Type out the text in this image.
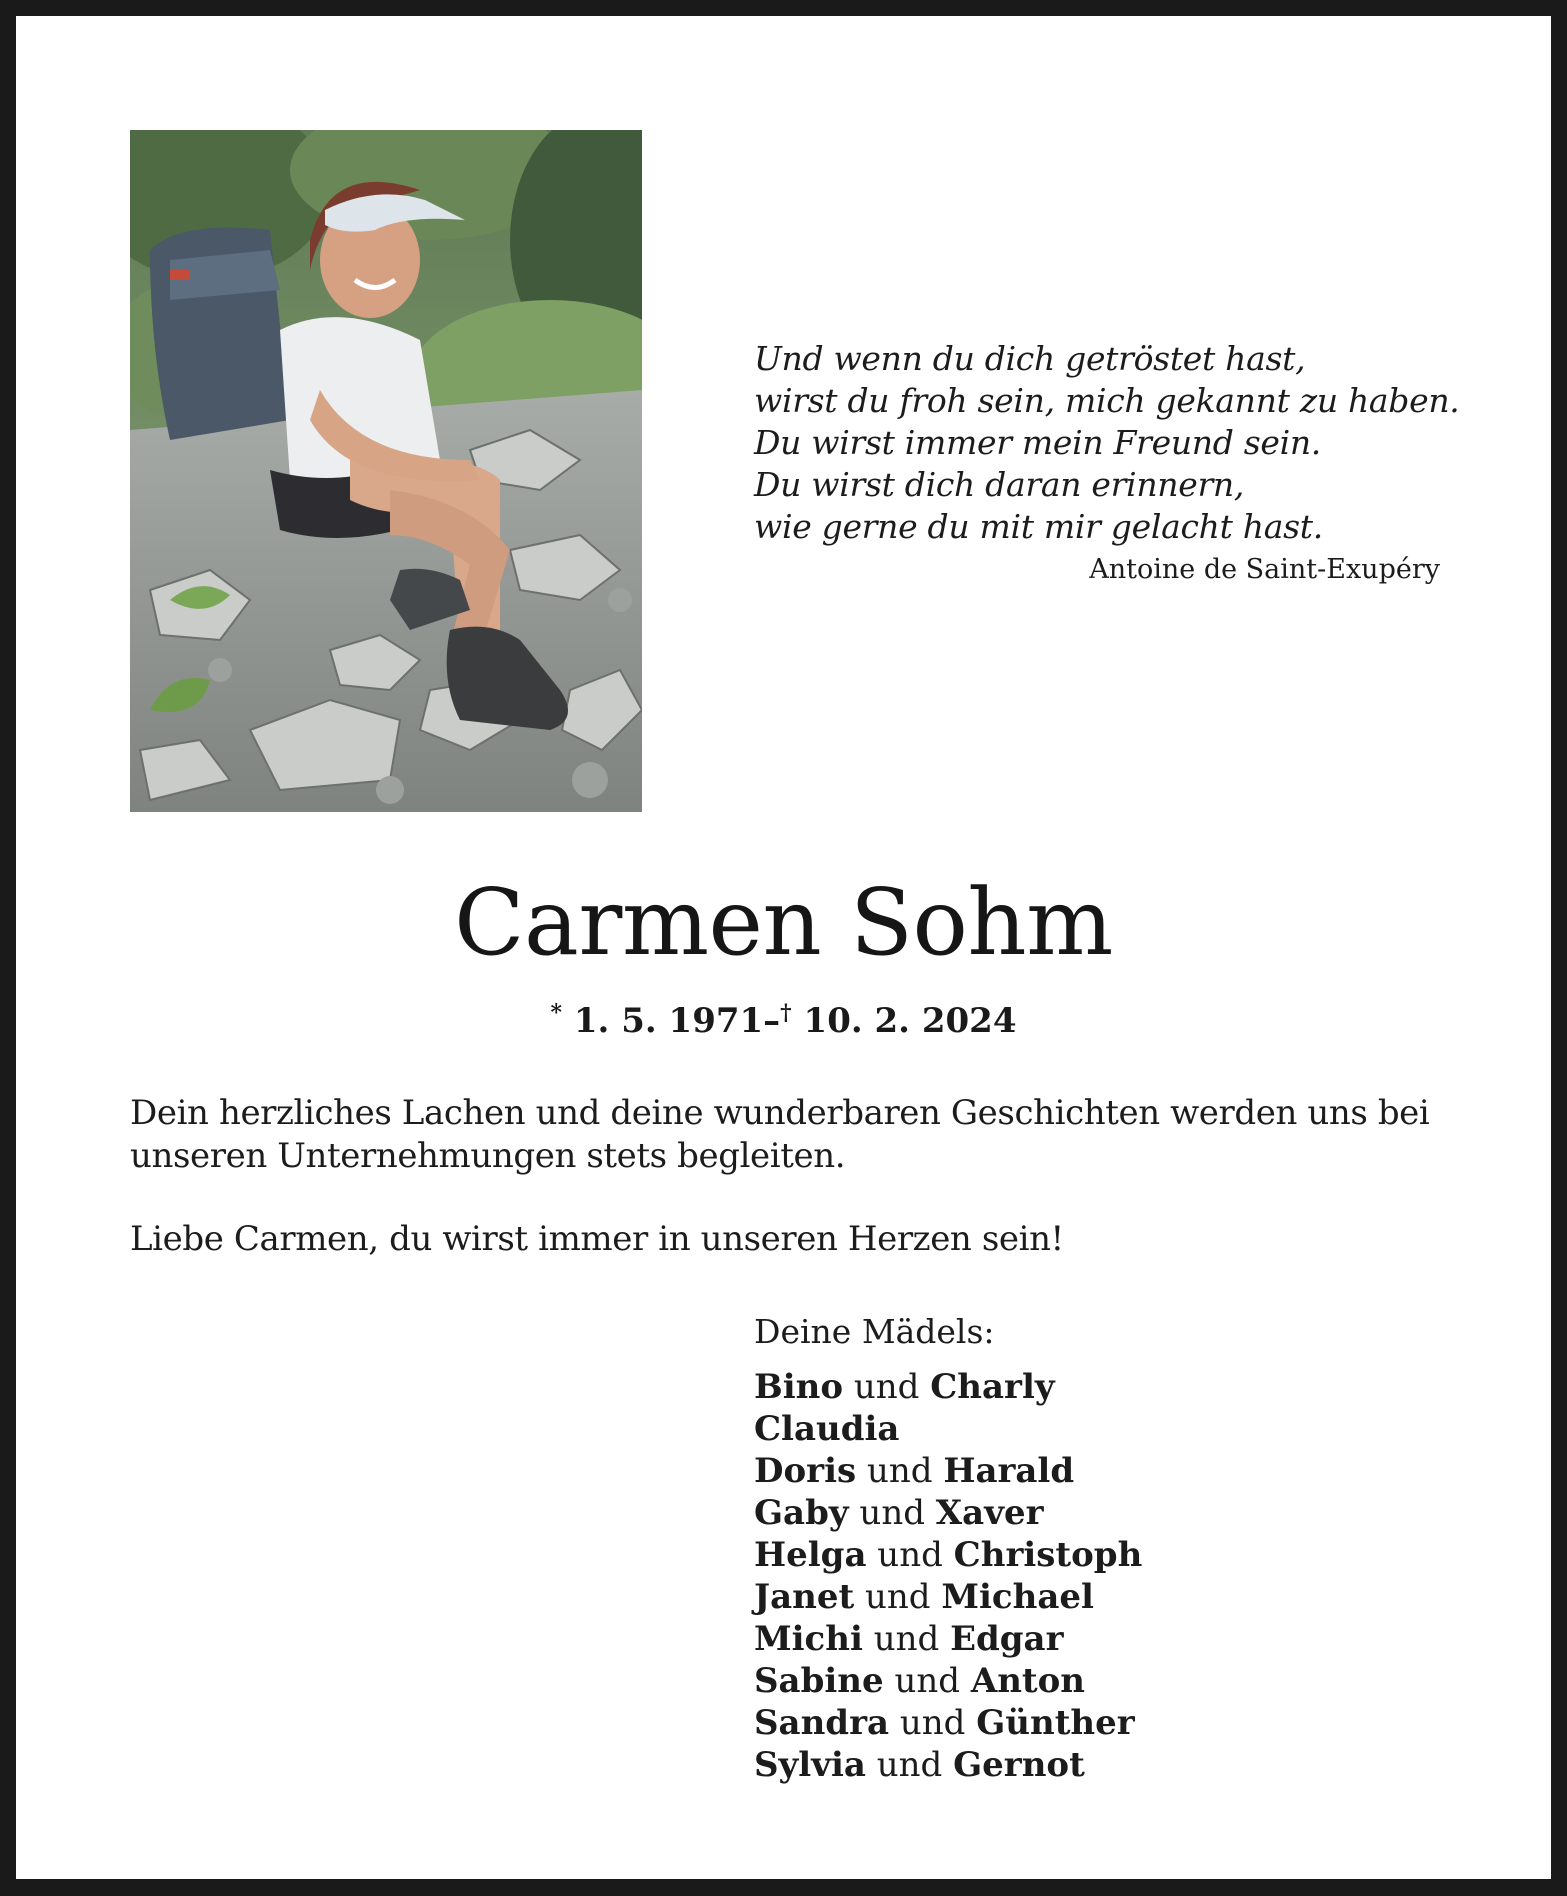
Und wenn du dich getröstet hast,
wirst du froh sein, mich gekannt zu haben.
Du wirst immer mein Freund sein.
Du wirst dich daran erinnern,
wie gerne du mit mir gelacht hast.
Antoine de Saint-Exupéry
Carmen Sohm
* 1. 5. 1971–† 10. 2. 2024

Dein herzliches Lachen und deine wunderbaren Geschichten werden uns bei unseren Unternehmungen stets begleiten.

Liebe Carmen, du wirst immer in unseren Herzen sein!

Deine Mädels:
Bino und Charly
Claudia
Doris und Harald
Gaby und Xaver
Helga und Christoph
Janet und Michael
Michi und Edgar
Sabine und Anton
Sandra und Günther
Sylvia und Gernot
